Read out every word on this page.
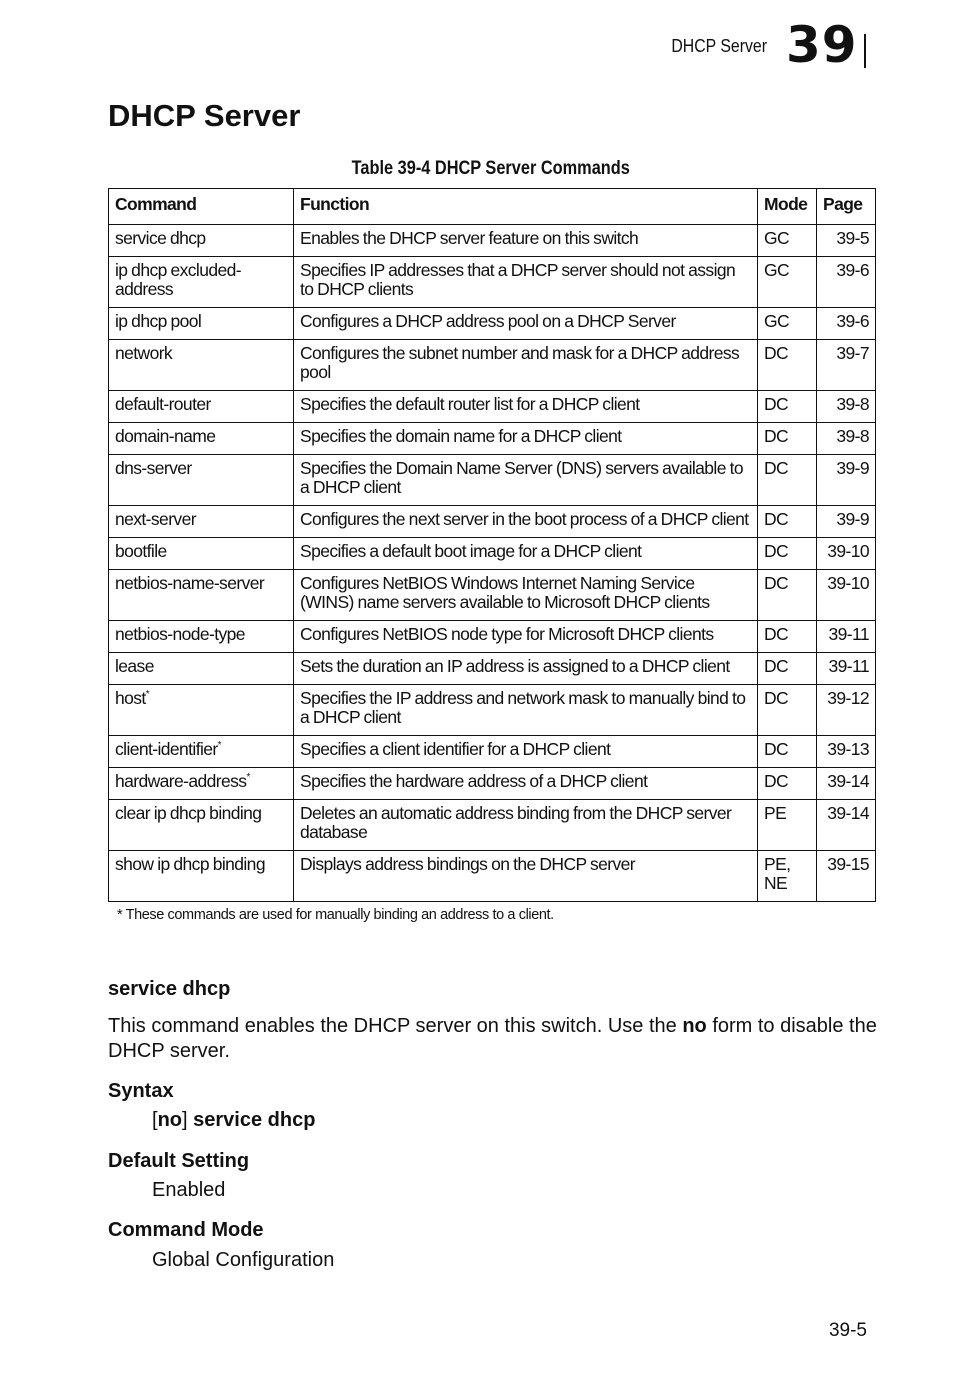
DHCP Server 39
DHCP Server
Table 39-4 DHCP Server Commands
Command	Function	Mode	Page
service dhcp	Enables the DHCP server feature on this switch	GC	39-5
ip dhcp excluded-address	Specifies IP addresses that a DHCP server should not assign to DHCP clients	GC	39-6
ip dhcp pool	Configures a DHCP address pool on a DHCP Server	GC	39-6
network	Configures the subnet number and mask for a DHCP address pool	DC	39-7
default-router	Specifies the default router list for a DHCP client	DC	39-8
domain-name	Specifies the domain name for a DHCP client	DC	39-8
dns-server	Specifies the Domain Name Server (DNS) servers available to a DHCP client	DC	39-9
next-server	Configures the next server in the boot process of a DHCP client	DC	39-9
bootfile	Specifies a default boot image for a DHCP client	DC	39-10
netbios-name-server	Configures NetBIOS Windows Internet Naming Service (WINS) name servers available to Microsoft DHCP clients	DC	39-10
netbios-node-type	Configures NetBIOS node type for Microsoft DHCP clients	DC	39-11
lease	Sets the duration an IP address is assigned to a DHCP client	DC	39-11
host*	Specifies the IP address and network mask to manually bind to a DHCP client	DC	39-12
client-identifier*	Specifies a client identifier for a DHCP client	DC	39-13
hardware-address*	Specifies the hardware address of a DHCP client	DC	39-14
clear ip dhcp binding	Deletes an automatic address binding from the DHCP server database	PE	39-14
show ip dhcp binding	Displays address bindings on the DHCP server	PE, NE	39-15
* These commands are used for manually binding an address to a client.
service dhcp

This command enables the DHCP server on this switch. Use the no form to disable the DHCP server.

Syntax

[no] service dhcp

Default Setting

Enabled

Command Mode

Global Configuration

39-5
